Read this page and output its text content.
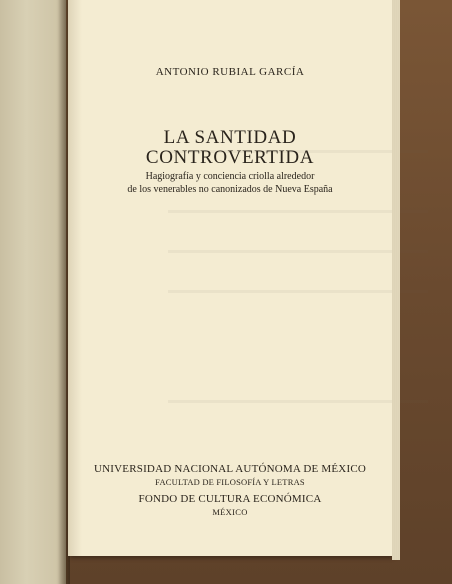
ANTONIO RUBIAL GARCÍA
LA SANTIDAD
CONTROVERTIDA
Hagiografía y conciencia criolla alrededor
de los venerables no canonizados de Nueva España
UNIVERSIDAD NACIONAL AUTÓNOMA DE MÉXICO
FACULTAD DE FILOSOFÍA Y LETRAS
FONDO DE CULTURA ECONÓMICA
MÉXICO
